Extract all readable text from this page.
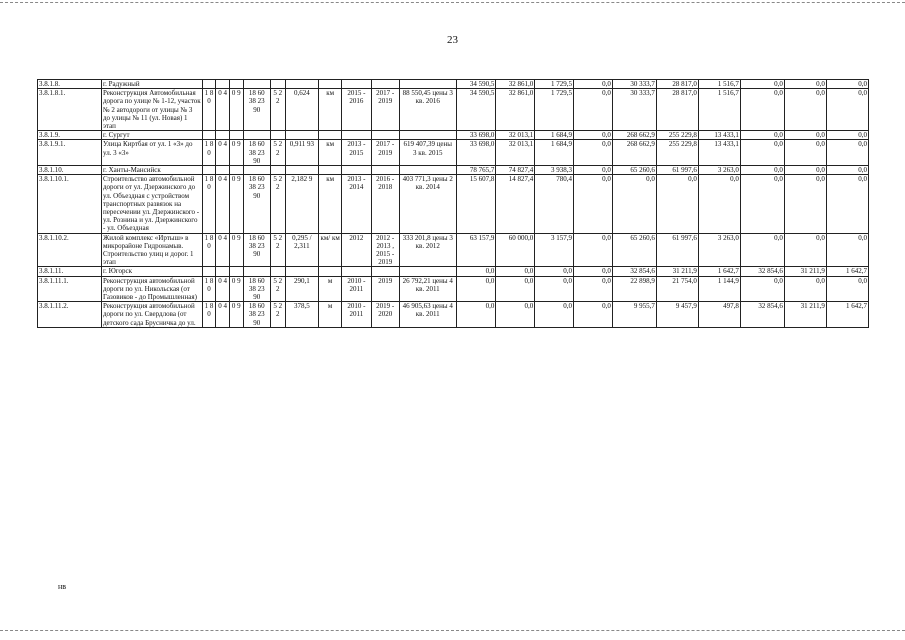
23
3.8.1.8.	г. Радужный											34 590,5	32 861,0	1 729,5	0,0	30 333,7	28 817,0	1 516,7	0,0	0,0	0,0
3.8.1.8.1.	Реконструкция Автомобильная дорога по улице № 1-12, участок № 2 автодороги от улицы № 3 до улицы № 11 (ул. Новая) 1 этап	1 8 0	0 4	0 9	18 60 38 23 90	5 2 2	0,624	км	2015 - 2016	2017 - 2019	88 550,45 цены 3 кв. 2016	34 590,5	32 861,0	1 729,5	0,0	30 333,7	28 817,0	1 516,7	0,0	0,0	0,0
3.8.1.9.	г. Сургут											33 698,0	32 013,1	1 684,9	0,0	268 662,9	255 229,8	13 433,1	0,0	0,0	0,0
3.8.1.9.1.	Улица Киртбая от ул. 1 «3» до ул. 3 «3»	1 8 0	0 4	0 9	18 60 38 23 90	5 2 2	0,911 93	км	2013 - 2015	2017 - 2019	619 407,39 цены 3 кв. 2015	33 698,0	32 013,1	1 684,9	0,0	268 662,9	255 229,8	13 433,1	0,0	0,0	0,0
3.8.1.10.	г. Ханты-Мансийск											78 765,7	74 827,4	3 938,3	0,0	65 260,6	61 997,6	3 263,0	0,0	0,0	0,0
3.8.1.10.1.	Строительство автомобильной дороги от ул. Дзержинского до ул. Объездная с устройством транспортных развязок на пересечении ул. Дзержинского - ул. Рознина и ул. Дзержинского - ул. Объездная	1 8 0	0 4	0 9	18 60 38 23 90	5 2 2	2,182 9	км	2013 - 2014	2016 - 2018	403 771,3 цены 2 кв. 2014	15 607,8	14 827,4	780,4	0,0	0,0	0,0	0,0	0,0	0,0	0,0
3.8.1.10.2.	Жилой комплекс «Иртыш» в микрорайоне Гидронамыв. Строительство улиц и дорог. 1 этап	1 8 0	0 4	0 9	18 60 38 23 90	5 2 2	0,295 / 2,311	км/ км	2012	2012 - 2013 , 2015 - 2019	333 201,8 цены 3 кв. 2012	63 157,9	60 000,0	3 157,9	0,0	65 260,6	61 997,6	3 263,0	0,0	0,0	0,0
3.8.1.11.	г. Югорск											0,0	0,0	0,0	0,0	32 854,6	31 211,9	1 642,7	32 854,6	31 211,9	1 642,7
3.8.1.11.1.	Реконструкция автомобильной дороги по ул. Никольская (от Газовиков - до Промышленная)	1 8 0	0 4	0 9	18 60 38 23 90	5 2 2	290,1	м	2010 - 2011	2019	26 792,21 цены 4 кв. 2011	0,0	0,0	0,0	0,0	22 898,9	21 754,0	1 144,9	0,0	0,0	0,0
3.8.1.11.2.	Реконструкция автомобильной дороги по ул. Свердлова (от детского сада Брусничка до ул.	1 8 0	0 4	0 9	18 60 38 23 90	5 2 2	378,5	м	2010 - 2011	2019 - 2020	46 905,63 цены 4 кв. 2011	0,0	0,0	0,0	0,0	9 955,7	9 457,9	497,8	32 854,6	31 211,9	1 642,7
нв
